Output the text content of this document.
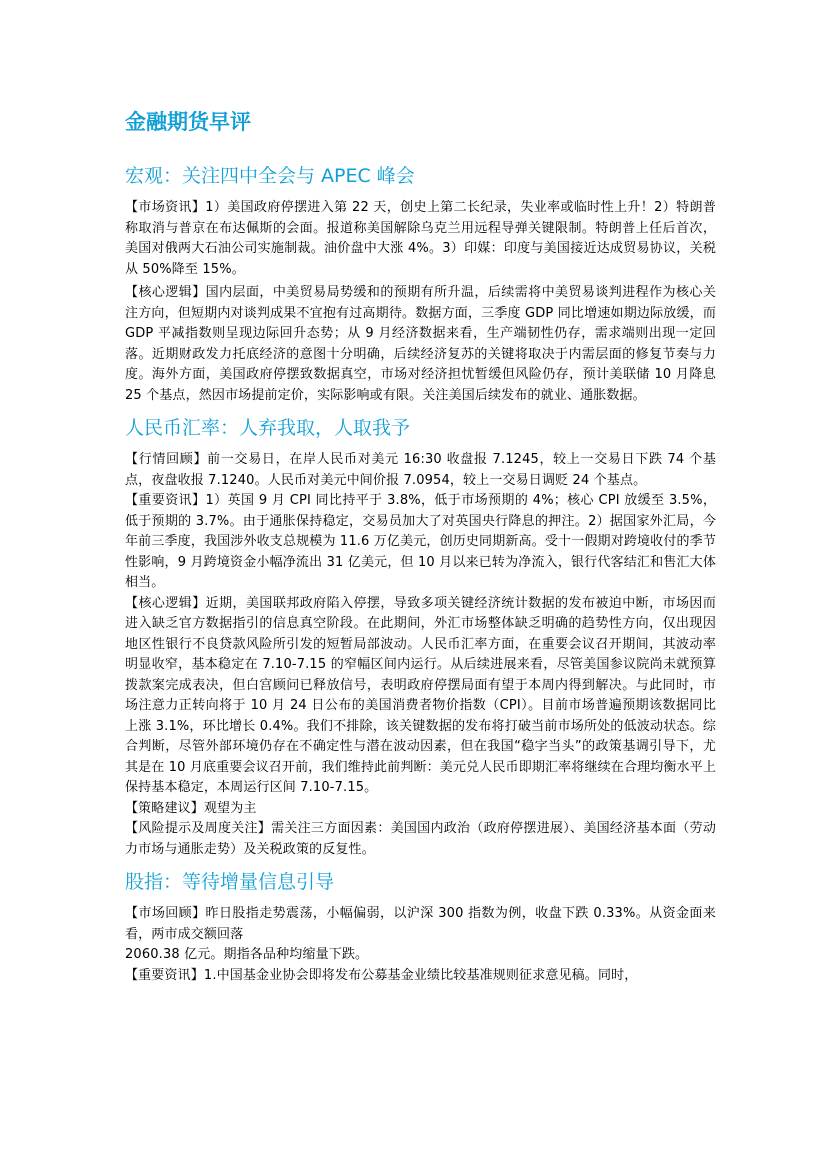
金融期货早评
宏观：关注四中全会与 APEC 峰会

【市场资讯】1）美国政府停摆进入第 22 天，创史上第二长纪录，失业率或临时性上升！2）特朗普称取消与普京在布达佩斯的会面。报道称美国解除乌克兰用远程导弹关键限制。特朗普上任后首次，美国对俄两大石油公司实施制裁。油价盘中大涨 4%。3）印媒：印度与美国接近达成贸易协议，关税从 50%降至 15%。

【核心逻辑】国内层面，中美贸易局势缓和的预期有所升温，后续需将中美贸易谈判进程作为核心关注方向，但短期内对谈判成果不宜抱有过高期待。数据方面，三季度 GDP 同比增速如期边际放缓，而 GDP 平减指数则呈现边际回升态势；从 9 月经济数据来看，生产端韧性仍存，需求端则出现一定回落。近期财政发力托底经济的意图十分明确，后续经济复苏的关键将取决于内需层面的修复节奏与力度。海外方面，美国政府停摆致数据真空，市场对经济担忧暂缓但风险仍存，预计美联储 10 月降息 25 个基点，然因市场提前定价，实际影响或有限。关注美国后续发布的就业、通胀数据。

人民币汇率：人弃我取，人取我予

【行情回顾】前一交易日，在岸人民币对美元 16:30 收盘报 7.1245，较上一交易日下跌 74 个基点，夜盘收报 7.1240。人民币对美元中间价报 7.0954，较上一交易日调贬 24 个基点。

【重要资讯】1）英国 9 月 CPI 同比持平于 3.8%，低于市场预期的 4%；核心 CPI 放缓至 3.5%，低于预期的 3.7%。由于通胀保持稳定，交易员加大了对英国央行降息的押注。2）据国家外汇局，今年前三季度，我国涉外收支总规模为 11.6 万亿美元，创历史同期新高。受十一假期对跨境收付的季节性影响，9 月跨境资金小幅净流出 31 亿美元，但 10 月以来已转为净流入，银行代客结汇和售汇大体相当。

【核心逻辑】近期，美国联邦政府陷入停摆，导致多项关键经济统计数据的发布被迫中断，市场因而进入缺乏官方数据指引的信息真空阶段。在此期间，外汇市场整体缺乏明确的趋势性方向，仅出现因地区性银行不良贷款风险所引发的短暂局部波动。人民币汇率方面，在重要会议召开期间，其波动率明显收窄，基本稳定在 7.10-7.15 的窄幅区间内运行。从后续进展来看，尽管美国参议院尚未就预算拨款案完成表决，但白宫顾问已释放信号，表明政府停摆局面有望于本周内得到解决。与此同时，市场注意力正转向将于 10 月 24 日公布的美国消费者物价指数（CPI）。目前市场普遍预期该数据同比上涨 3.1%，环比增长 0.4%。我们不排除，该关键数据的发布将打破当前市场所处的低波动状态。综合判断，尽管外部环境仍存在不确定性与潜在波动因素，但在我国“稳字当头”的政策基调引导下，尤其是在 10 月底重要会议召开前，我们维持此前判断：美元兑人民币即期汇率将继续在合理均衡水平上保持基本稳定，本周运行区间 7.10-7.15。

【策略建议】观望为主

【风险提示及周度关注】需关注三方面因素：美国国内政治（政府停摆进展）、美国经济基本面（劳动力市场与通胀走势）及关税政策的反复性。

股指：等待增量信息引导

【市场回顾】昨日股指走势震荡，小幅偏弱，以沪深 300 指数为例，收盘下跌 0.33%。从资金面来看，两市成交额回落

2060.38 亿元。期指各品种均缩量下跌。

【重要资讯】1.中国基金业协会即将发布公募基金业绩比较基准规则征求意见稿。同时，
